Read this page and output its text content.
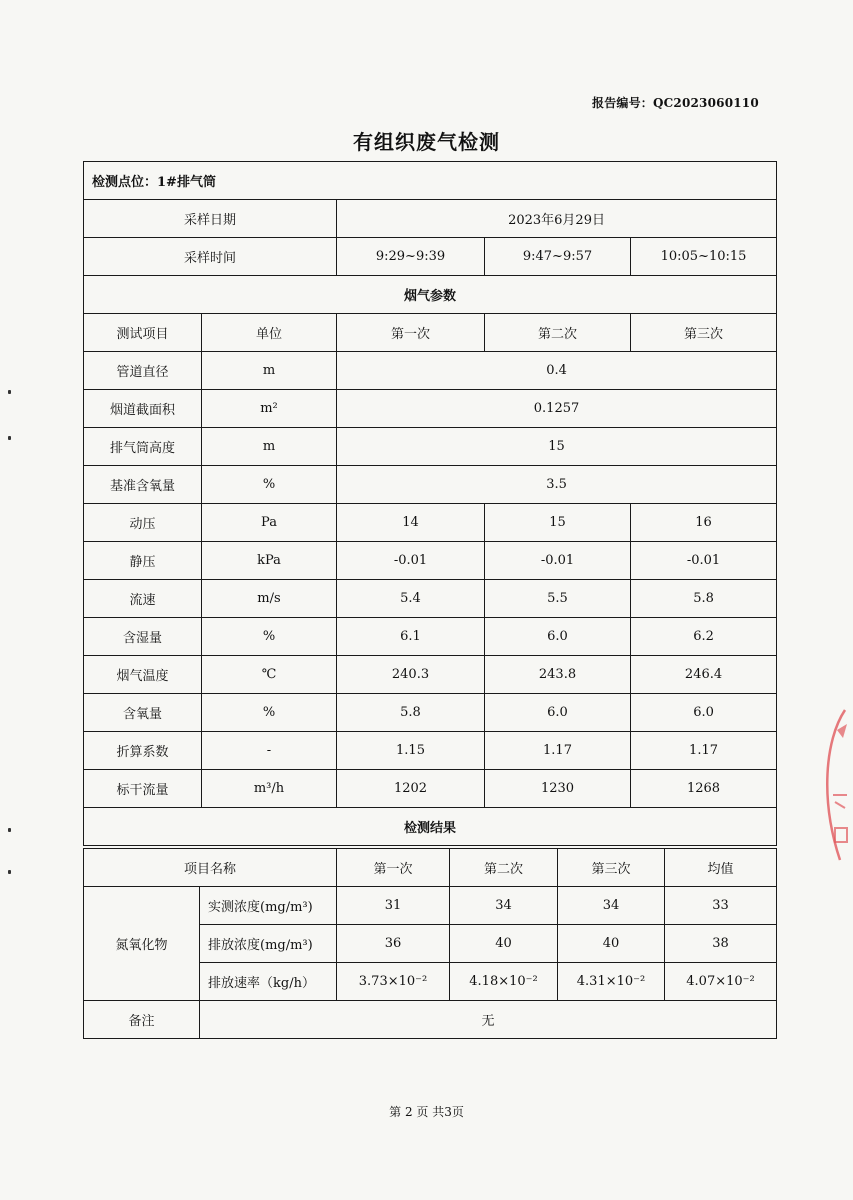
报告编号：QC2023060110
有组织废气检测
检测点位：1#排气筒				
采样日期		2023年6月29日		
采样时间		9:29~9:39	9:47~9:57	10:05~10:15
烟气参数				
测试项目	单位	第一次	第二次	第三次
管道直径	m	0.4		
烟道截面积	m²	0.1257		
排气筒高度	m	15		
基准含氧量	%	3.5		
动压	Pa	14	15	16
静压	kPa	-0.01	-0.01	-0.01
流速	m/s	5.4	5.5	5.8
含湿量	%	6.1	6.0	6.2
烟气温度	℃	240.3	243.8	246.4
含氧量	%	5.8	6.0	6.0
折算系数	-	1.15	1.17	1.17
标干流量	m³/h	1202	1230	1268
检测结果				
项目名称		第一次	第二次	第三次	均值
氮氧化物	实测浓度(mg/m³)	31	34	34	33
	排放浓度(mg/m³)	36	40	40	38
	排放速率（kg/h）	3.73×10⁻²	4.18×10⁻²	4.31×10⁻²	4.07×10⁻²
备注	无				
第 2 页 共3页
